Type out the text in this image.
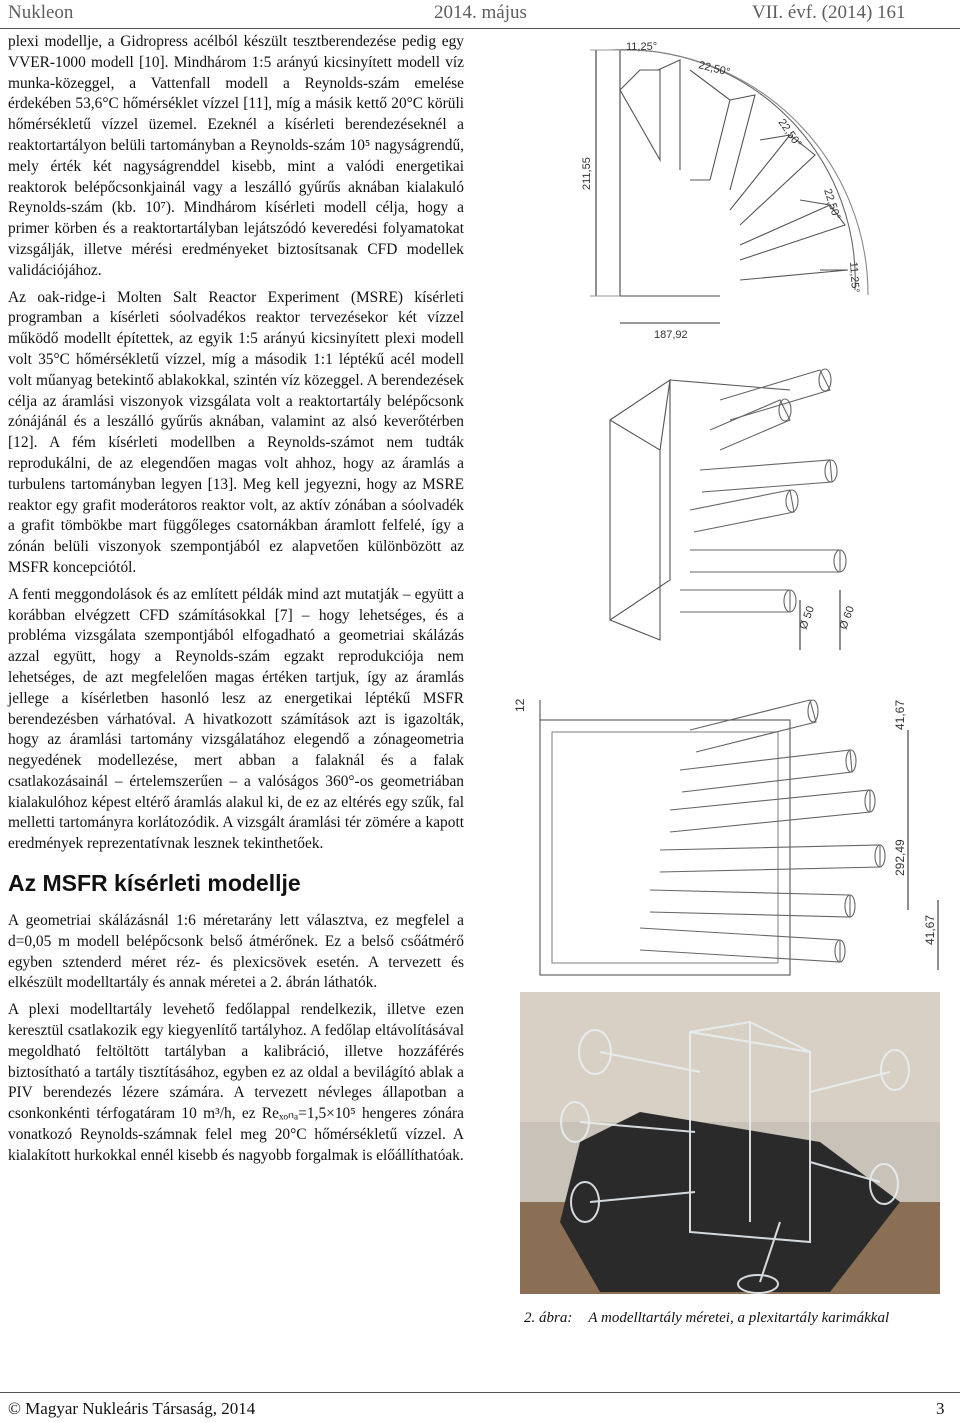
Nukleon	2014. május	VII. évf. (2014) 161

plexi modellje, a Gidropress acélból készült tesztberendezése pedig egy VVER-1000 modell [10]. Mindhárom 1:5 arányú kicsinyített modell víz munka-közeggel, a Vattenfall modell a Reynolds-szám emelése érdekében 53,6°C hőmérséklet vízzel [11], míg a másik kettő 20°C körüli hőmérsékletű vízzel üzemel. Ezeknél a kísérleti berendezéseknél a reaktortartályon belüli tartományban a Reynolds-szám 10⁵ nagyságrendű, mely érték két nagyságrenddel kisebb, mint a valódi energetikai reaktorok belépőcsonkjainál vagy a leszálló gyűrűs aknában kialakuló Reynolds-szám (kb. 10⁷). Mindhárom kísérleti modell célja, hogy a primer körben és a reaktortartályban lejátszódó keveredési folyamatokat vizsgálják, illetve mérési eredményeket biztosítsanak CFD modellek validációjához.

Az oak-ridge-i Molten Salt Reactor Experiment (MSRE) kísérleti programban a kísérleti sóolvadékos reaktor tervezésekor két vízzel működő modellt építettek, az egyik 1:5 arányú kicsinyített plexi modell volt 35°C hőmérsékletű vízzel, míg a második 1:1 léptékű acél modell volt műanyag betekintő ablakokkal, szintén víz közeggel. A berendezések célja az áramlási viszonyok vizsgálata volt a reaktortartály belépőcsonk zónájánál és a leszálló gyűrűs aknában, valamint az alsó keverőtérben [12]. A fém kísérleti modellben a Reynolds-számot nem tudták reprodukálni, de az elegendően magas volt ahhoz, hogy az áramlás a turbulens tartományban legyen [13]. Meg kell jegyezni, hogy az MSRE reaktor egy grafit moderátoros reaktor volt, az aktív zónában a sóolvadék a grafit tömbökbe mart függőleges csatornákban áramlott felfelé, így a zónán belüli viszonyok szempontjából ez alapvetően különbözött az MSFR koncepciótól.

A fenti meggondolások és az említett példák mind azt mutatják – együtt a korábban elvégzett CFD számításokkal [7] – hogy lehetséges, és a probléma vizsgálata szempontjából elfogadható a geometriai skálázás azzal együtt, hogy a Reynolds-szám egzakt reprodukciója nem lehetséges, de azt megfelelően magas értéken tartjuk, így az áramlás jellege a kísérletben hasonló lesz az energetikai léptékű MSFR berendezésben várhatóval. A hivatkozott számítások azt is igazolták, hogy az áramlási tartomány vizsgálatához elegendő a zónageometria negyedének modellezése, mert abban a falaknál és a falak csatlakozásainál – értelemszerűen – a valóságos 360°-os geometriában kialakulóhoz képest eltérő áramlás alakul ki, de ez az eltérés egy szűk, fal melletti tartományra korlátozódik. A vizsgált áramlási tér zömére a kapott eredmények reprezentatívnak lesznek tekinthetőek.

Az MSFR kísérleti modellje

A geometriai skálázásnál 1:6 méretarány lett választva, ez megfelel a d=0,05 m modell belépőcsonk belső átmérőnek. Ez a belső csőátmérő egyben sztenderd méret réz- és plexicsövek esetén. A tervezett és elkészült modelltartály és annak méretei a 2. ábrán láthatók.

A plexi modelltartály levehető fedőlappal rendelkezik, illetve ezen keresztül csatlakozik egy kiegyenlítő tartályhoz. A fedőlap eltávolításával megoldható feltöltött tartályban a kalibráció, illetve hozzáférés biztosítható a tartály tisztításához, egyben ez az oldal a bevilágító ablak a PIV berendezés lézere számára. A tervezett névleges állapotban a csonkonkénti térfogatáram 10 m³/h, ez Reₓₒₙₐ=1,5×10⁵ hengeres zónára vonatkozó Reynolds-számnak felel meg 20°C hőmérsékletű vízzel. A kialakított hurkokkal ennél kisebb és nagyobb forgalmak is előállíthatóak.

11,25°
22,50°
22,50°
22,50°
11,25°
211,55
187,92
Ø 50 Ø 60
12	41,67
292,49
41,67
2. ábra: A modelltartály méretei, a plexitartály karimákkal
© Magyar Nukleáris Társaság, 2014	3
